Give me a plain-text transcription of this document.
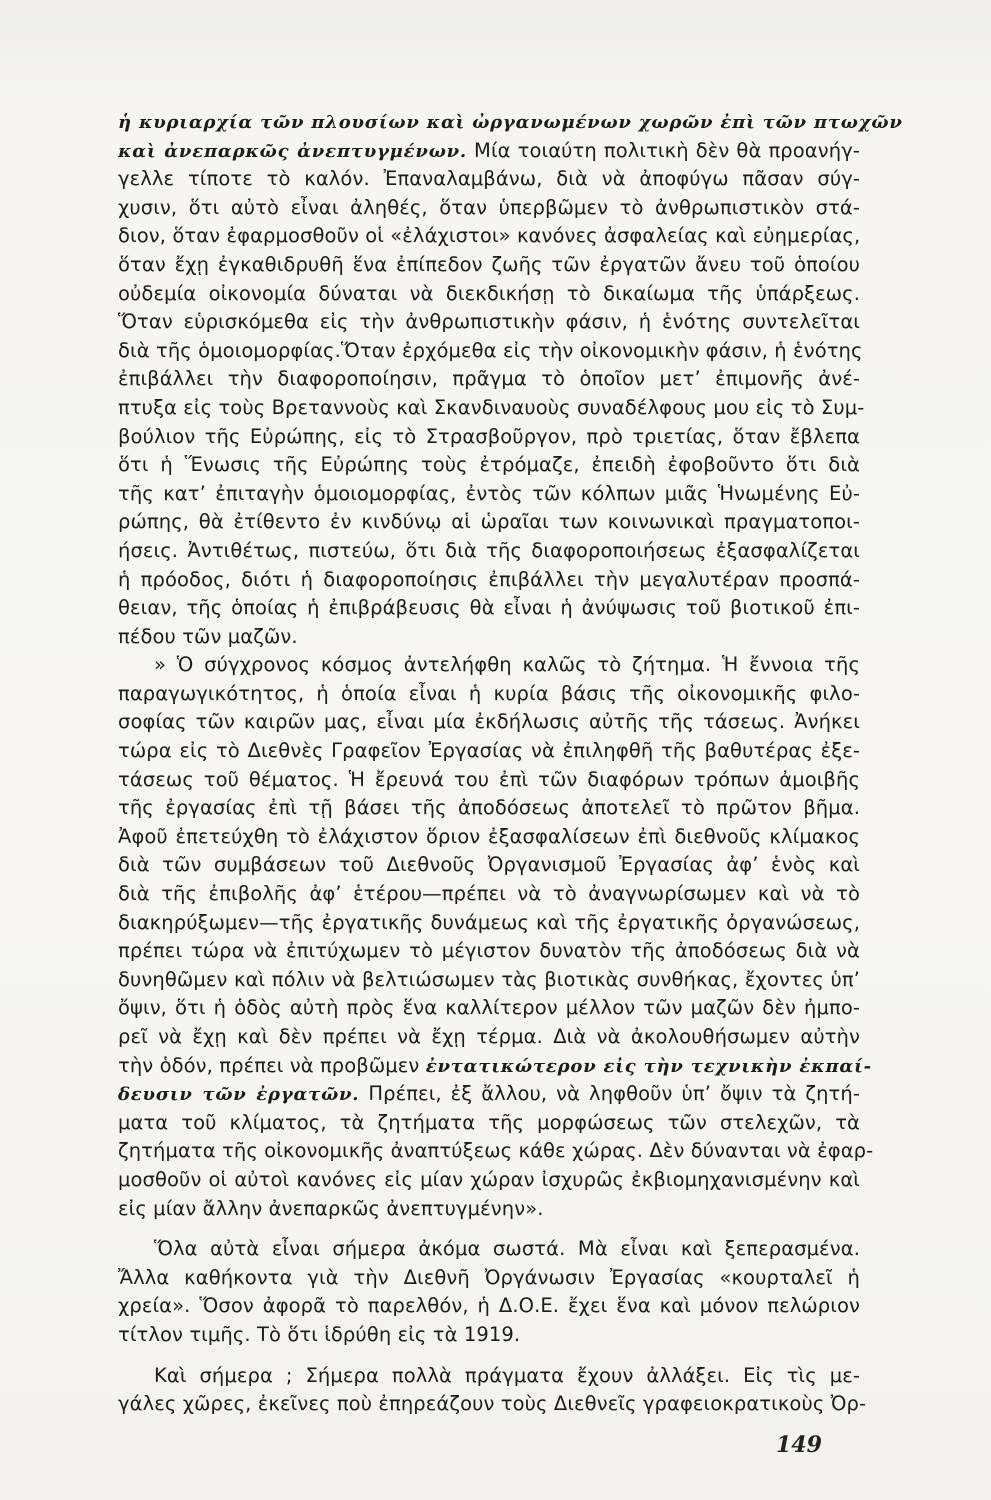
ἡ κυριαρχία τῶν πλουσίων καὶ ὠργανωμένων χωρῶν ἐπὶ τῶν πτωχῶν
καὶ ἀνεπαρκῶς ἀνεπτυγμένων. Μία τοιαύτη πολιτικὴ δὲν θὰ προανήγ-
γελλε τίποτε τὸ καλόν. Ἐπαναλαμβάνω, διὰ νὰ ἀποφύγω πᾶσαν σύγ-
χυσιν, ὅτι αὐτὸ εἶναι ἀληθές, ὅταν ὑπερβῶμεν τὸ ἀνθρωπιστικὸν στά-
διον, ὅταν ἐφαρμοσθοῦν οἱ «ἐλάχιστοι» κανόνες ἀσφαλείας καὶ εὐημερίας,
ὅταν ἔχῃ ἐγκαθιδρυθῆ ἕνα ἐπίπεδον ζωῆς τῶν ἐργατῶν ἄνευ τοῦ ὁποίου
οὐδεμία οἰκονομία δύναται νὰ διεκδικήσῃ τὸ δικαίωμα τῆς ὑπάρξεως.
Ὅταν εὑρισκόμεθα εἰς τὴν ἀνθρωπιστικὴν φάσιν, ἡ ἑνότης συντελεῖται
διὰ τῆς ὁμοιομορφίας.Ὅταν ἐρχόμεθα εἰς τὴν οἰκονομικὴν φάσιν, ἡ ἑνότης
ἐπιβάλλει τὴν διαφοροποίησιν, πρᾶγμα τὸ ὁποῖον μετ’ ἐπιμονῆς ἀνέ-
πτυξα εἰς τοὺς Βρεταννοὺς καὶ Σκανδιναυοὺς συναδέλφους μου εἰς τὸ Συμ-
βούλιον τῆς Εὐρώπης, εἰς τὸ Στρασβοῦργον, πρὸ τριετίας, ὅταν ἔβλεπα
ὅτι ἡ Ἕνωσις τῆς Εὐρώπης τοὺς ἐτρόμαζε, ἐπειδὴ ἐφοβοῦντο ὅτι διὰ
τῆς κατ’ ἐπιταγὴν ὁμοιομορφίας, ἐντὸς τῶν κόλπων μιᾶς Ἡνωμένης Εὐ-
ρώπης, θὰ ἐτίθεντο ἐν κινδύνῳ αἱ ὡραῖαι των κοινωνικαὶ πραγματοποι-
ήσεις. Ἀντιθέτως, πιστεύω, ὅτι διὰ τῆς διαφοροποιήσεως ἐξασφαλίζεται
ἡ πρόοδος, διότι ἡ διαφοροποίησις ἐπιβάλλει τὴν μεγαλυτέραν προσπά-
θειαν, τῆς ὁποίας ἡ ἐπιβράβευσις θὰ εἶναι ἡ ἀνύψωσις τοῦ βιοτικοῦ ἐπι-
πέδου τῶν μαζῶν.
» Ὁ σύγχρονος κόσμος ἀντελήφθη καλῶς τὸ ζήτημα. Ἡ ἔννοια τῆς
παραγωγικότητος, ἡ ὁποία εἶναι ἡ κυρία βάσις τῆς οἰκονομικῆς φιλο-
σοφίας τῶν καιρῶν μας, εἶναι μία ἐκδήλωσις αὐτῆς τῆς τάσεως. Ἀνήκει
τώρα εἰς τὸ Διεθνὲς Γραφεῖον Ἐργασίας νὰ ἐπιληφθῆ τῆς βαθυτέρας ἐξε-
τάσεως τοῦ θέματος. Ἡ ἔρευνά του ἐπὶ τῶν διαφόρων τρόπων ἀμοιβῆς
τῆς ἐργασίας ἐπὶ τῇ βάσει τῆς ἀποδόσεως ἀποτελεῖ τὸ πρῶτον βῆμα.
Ἀφοῦ ἐπετεύχθη τὸ ἐλάχιστον ὅριον ἐξασφαλίσεων ἐπὶ διεθνοῦς κλίμακος
διὰ τῶν συμβάσεων τοῦ Διεθνοῦς Ὀργανισμοῦ Ἐργασίας ἀφ’ ἑνὸς καὶ
διὰ τῆς ἐπιβολῆς ἀφ’ ἑτέρου—πρέπει νὰ τὸ ἀναγνωρίσωμεν καὶ νὰ τὸ
διακηρύξωμεν—τῆς ἐργατικῆς δυνάμεως καὶ τῆς ἐργατικῆς ὀργανώσεως,
πρέπει τώρα νὰ ἐπιτύχωμεν τὸ μέγιστον δυνατὸν τῆς ἀποδόσεως διὰ νὰ
δυνηθῶμεν καὶ πόλιν νὰ βελτιώσωμεν τὰς βιοτικὰς συνθήκας, ἔχοντες ὑπ’
ὄψιν, ὅτι ἡ ὁδὸς αὐτὴ πρὸς ἕνα καλλίτερον μέλλον τῶν μαζῶν δὲν ἠμπο-
ρεῖ νὰ ἔχῃ καὶ δὲν πρέπει νὰ ἔχῃ τέρμα. Διὰ νὰ ἀκολουθήσωμεν αὐτὴν
τὴν ὁδόν, πρέπει νὰ προβῶμεν ἐντατικώτερον εἰς τὴν τεχνικὴν ἐκπαί-
δευσιν τῶν ἐργατῶν. Πρέπει, ἐξ ἄλλου, νὰ ληφθοῦν ὑπ’ ὄψιν τὰ ζητή-
ματα τοῦ κλίματος, τὰ ζητήματα τῆς μορφώσεως τῶν στελεχῶν, τὰ
ζητήματα τῆς οἰκονομικῆς ἀναπτύξεως κάθε χώρας. Δὲν δύνανται νὰ ἐφαρ-
μοσθοῦν οἱ αὐτοὶ κανόνες εἰς μίαν χώραν ἰσχυρῶς ἐκβιομηχανισμένην καὶ
εἰς μίαν ἄλλην ἀνεπαρκῶς ἀνεπτυγμένην».
Ὅλα αὐτὰ εἶναι σήμερα ἀκόμα σωστά. Μὰ εἶναι καὶ ξεπερασμένα.
Ἄλλα καθήκοντα γιὰ τὴν Διεθνῆ Ὀργάνωσιν Ἐργασίας «κουρταλεῖ ἡ
χρεία». Ὅσον ἀφορᾶ τὸ παρελθόν, ἡ Δ.Ο.Ε. ἔχει ἕνα καὶ μόνον πελώριον
τίτλον τιμῆς. Τὸ ὅτι ἱδρύθη εἰς τὰ 1919.
Καὶ σήμερα ; Σήμερα πολλὰ πράγματα ἔχουν ἀλλάξει. Εἰς τὶς με-
γάλες χῶρες, ἐκεῖνες ποὺ ἐπηρεάζουν τοὺς Διεθνεῖς γραφειοκρατικοὺς Ὀρ-
149
